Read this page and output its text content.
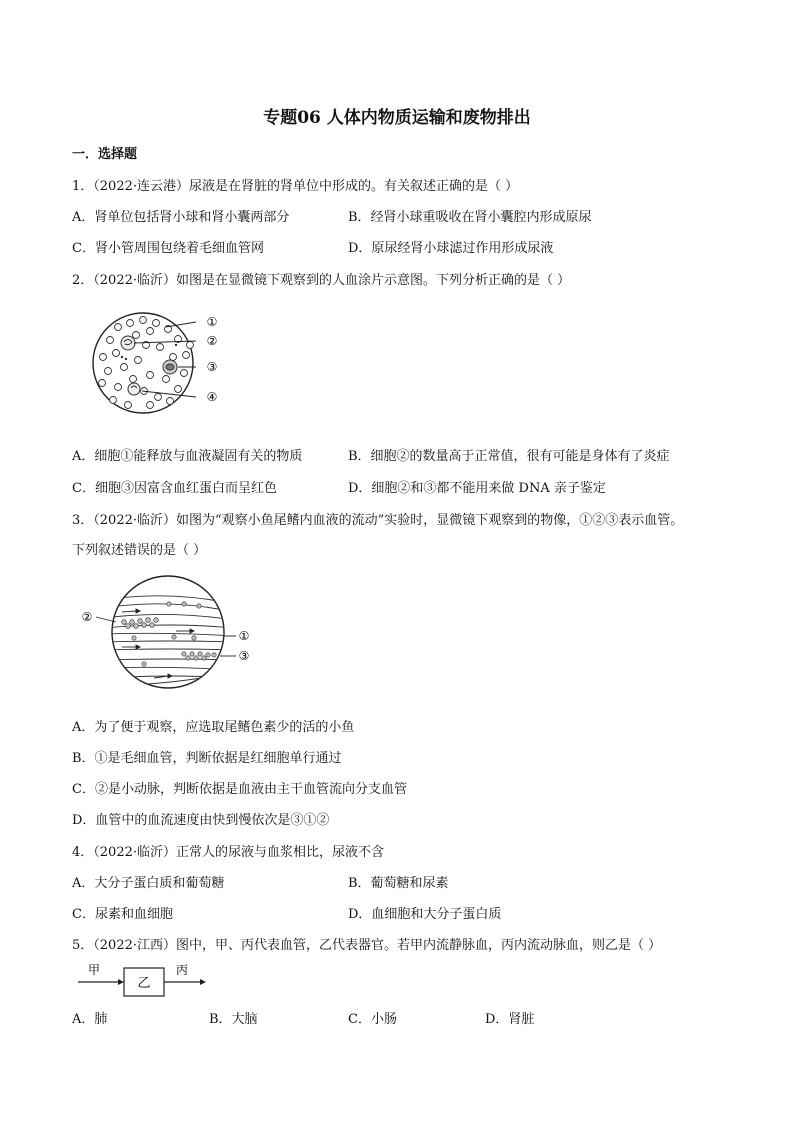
专题06 人体内物质运输和废物排出
一．选择题
1．（2022·连云港）尿液是在肾脏的肾单位中形成的。有关叙述正确的是（ ）
A．肾单位包括肾小球和肾小囊两部分	B．经肾小球重吸收在肾小囊腔内形成原尿
C．肾小管周围包绕着毛细血管网	D．原尿经肾小球滤过作用形成尿液
2．（2022·临沂）如图是在显微镜下观察到的人血涂片示意图。下列分析正确的是（ ）
①
②
③
④
A．细胞①能释放与血液凝固有关的物质	B．细胞②的数量高于正常值，很有可能是身体有了炎症
C．细胞③因富含血红蛋白而呈红色	D．细胞②和③都不能用来做 DNA 亲子鉴定
3．（2022·临沂）如图为“观察小鱼尾鳍内血液的流动”实验时，显微镜下观察到的物像，①②③表示血管。
下列叙述错误的是（ ）
②
①
③
A．为了便于观察，应选取尾鳍色素少的活的小鱼
B．①是毛细血管，判断依据是红细胞单行通过
C．②是小动脉，判断依据是血液由主干血管流向分支血管
D．血管中的血流速度由快到慢依次是③①②
4．（2022·临沂）正常人的尿液与血浆相比，尿液不含
A．大分子蛋白质和葡萄糖	B．葡萄糖和尿素
C．尿素和血细胞	D．血细胞和大分子蛋白质
5．（2022·江西）图中，甲、丙代表血管，乙代表器官。若甲内流静脉血，丙内流动脉血，则乙是（ ）
甲
乙
丙
A．肺	B．大脑	C．小肠	D．肾脏
